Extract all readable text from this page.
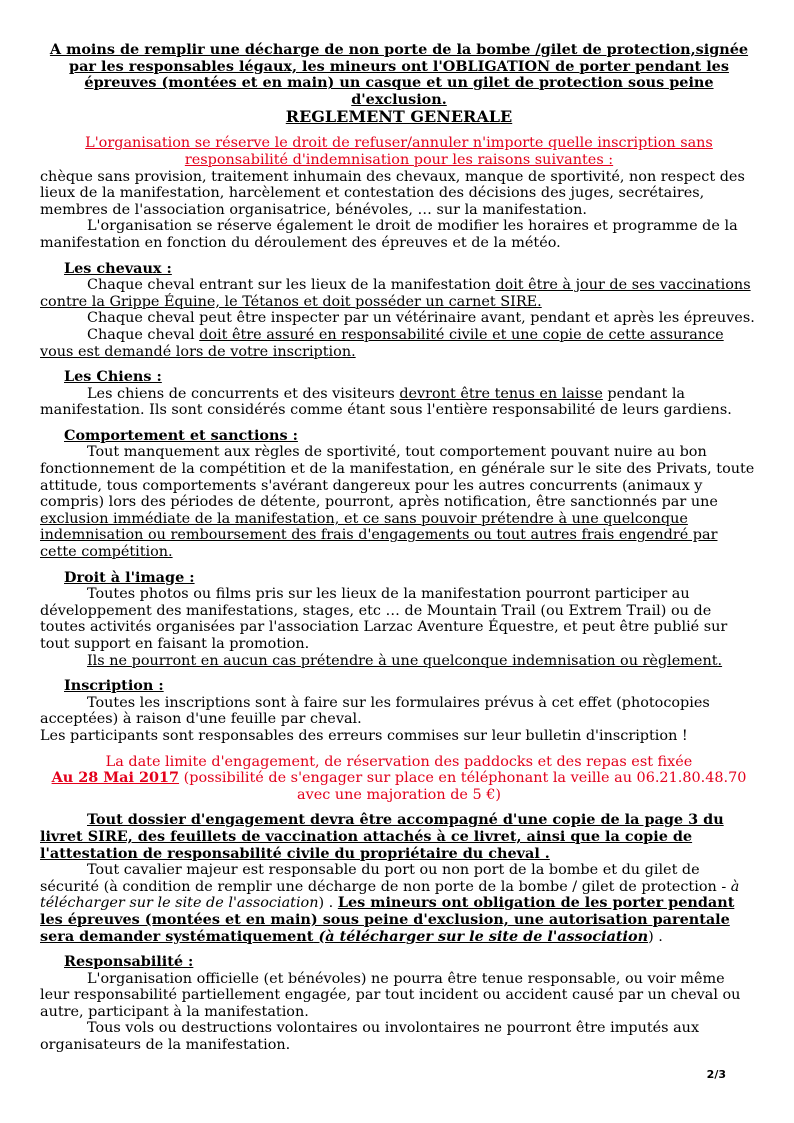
A moins de remplir une décharge de non porte de la bombe /gilet de protection,signée par les responsables légaux, les mineurs ont l'OBLIGATION de porter pendant les épreuves (montées et en main) un casque et un gilet de protection sous peine d'exclusion.

REGLEMENT GENERALE

L'organisation se réserve le droit de refuser/annuler n'importe quelle inscription sans responsabilité d'indemnisation pour les raisons suivantes :

chèque sans provision, traitement inhumain des chevaux, manque de sportivité, non respect des lieux de la manifestation, harcèlement et contestation des décisions des juges, secrétaires, membres de l'association organisatrice, bénévoles, … sur la manifestation.

L'organisation se réserve également le droit de modifier les horaires et programme de la manifestation en fonction du déroulement des épreuves et de la météo.

Les chevaux :

Chaque cheval entrant sur les lieux de la manifestation doit être à jour de ses vaccinations contre la Grippe Équine, le Tétanos et doit posséder un carnet SIRE.

Chaque cheval peut être inspecter par un vétérinaire avant, pendant et après les épreuves.

Chaque cheval doit être assuré en responsabilité civile et une copie de cette assurance vous est demandé lors de votre inscription.

Les Chiens :

Les chiens de concurrents et des visiteurs devront être tenus en laisse pendant la manifestation. Ils sont considérés comme étant sous l'entière responsabilité de leurs gardiens.

Comportement et sanctions :

Tout manquement aux règles de sportivité, tout comportement pouvant nuire au bon fonctionnement de la compétition et de la manifestation, en générale sur le site des Privats, toute attitude, tous comportements s'avérant dangereux pour les autres concurrents (animaux y compris) lors des périodes de détente, pourront, après notification, être sanctionnés par une exclusion immédiate de la manifestation, et ce sans pouvoir prétendre à une quelconque indemnisation ou remboursement des frais d'engagements ou tout autres frais engendré par cette compétition.

Droit à l'image :

Toutes photos ou films pris sur les lieux de la manifestation pourront participer au développement des manifestations, stages, etc … de Mountain Trail (ou Extrem Trail) ou de toutes activités organisées par l'association Larzac Aventure Équestre, et peut être publié sur tout support en faisant la promotion.

Ils ne pourront en aucun cas prétendre à une quelconque indemnisation ou règlement.

Inscription :

Toutes les inscriptions sont à faire sur les formulaires prévus à cet effet (photocopies acceptées) à raison d'une feuille par cheval.

Les participants sont responsables des erreurs commises sur leur bulletin d'inscription !

La date limite d'engagement, de réservation des paddocks et des repas est fixée
Au 28 Mai 2017 (possibilité de s'engager sur place en téléphonant la veille au 06.21.80.48.70 avec une majoration de 5 €)

Tout dossier d'engagement devra être accompagné d'une copie de la page 3 du livret SIRE, des feuillets de vaccination attachés à ce livret, ainsi que la copie de l'attestation de responsabilité civile du propriétaire du cheval .

Tout cavalier majeur est responsable du port ou non port de la bombe et du gilet de sécurité (à condition de remplir une décharge de non porte de la bombe / gilet de protection - à télécharger sur le site de l'association) . Les mineurs ont obligation de les porter pendant les épreuves (montées et en main) sous peine d'exclusion, une autorisation parentale sera demander systématiquement (à télécharger sur le site de l'association) .

Responsabilité :

L'organisation officielle (et bénévoles) ne pourra être tenue responsable, ou voir même leur responsabilité partiellement engagée, par tout incident ou accident causé par un cheval ou autre, participant à la manifestation.

Tous vols ou destructions volontaires ou involontaires ne pourront être imputés aux organisateurs de la manifestation.

2/3
